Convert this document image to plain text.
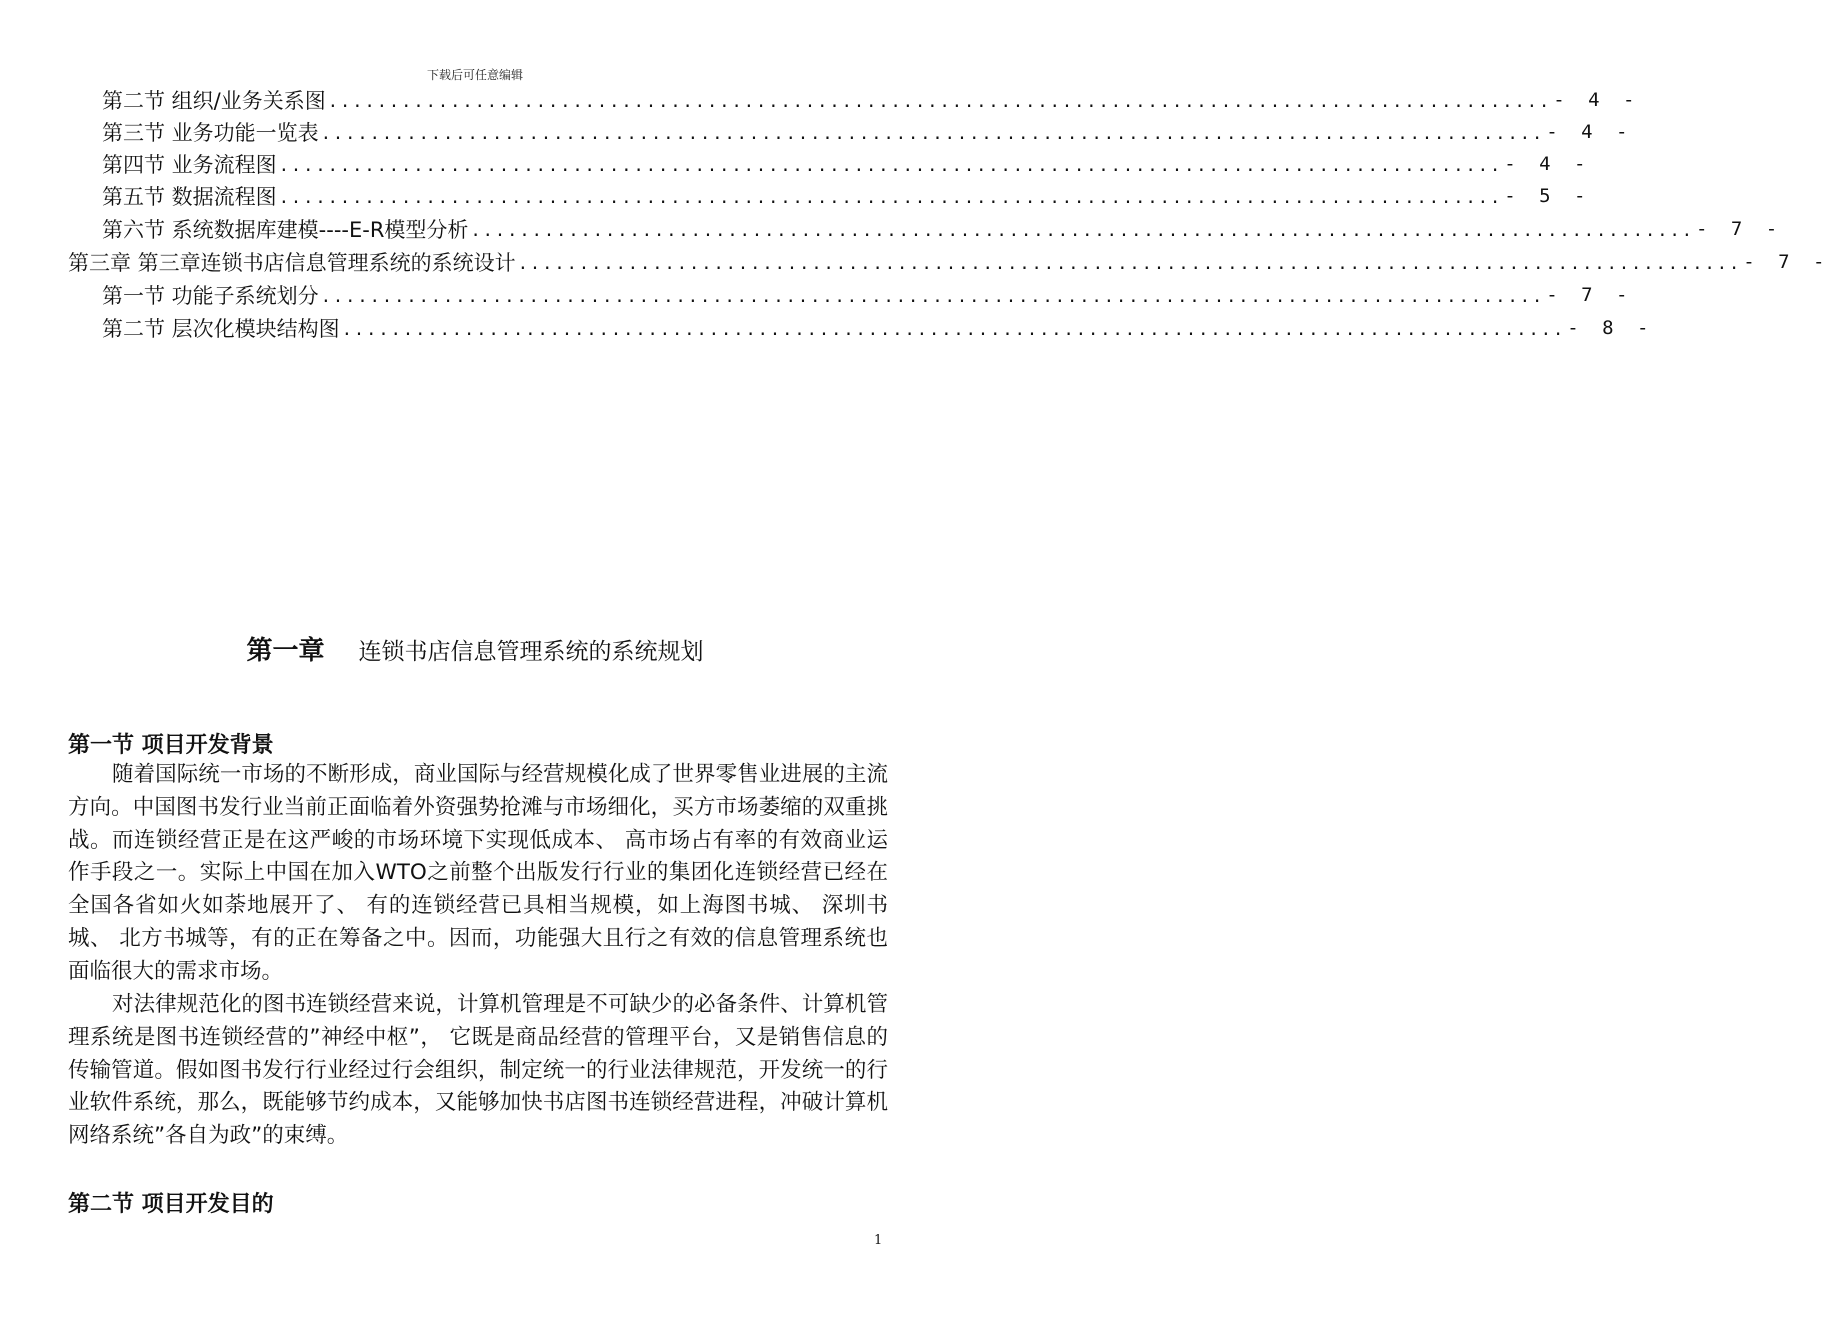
下载后可任意编辑
第二节 组织/业务关系图 .................................................................................................... - 4 -
第三节 业务功能一览表 .................................................................................................... - 4 -
第四节 业务流程图 .................................................................................................... - 4 -
第五节 数据流程图 .................................................................................................... - 5 -
第六节 系统数据库建模----E-R模型分析 .................................................................................................... - 7 -
第三章 第三章连锁书店信息管理系统的系统设计 .................................................................................................... - 7 -
第一节 功能子系统划分 .................................................................................................... - 7 -
第二节 层次化模块结构图 .................................................................................................... - 8 -
第一章 连锁书店信息管理系统的系统规划
第一节 项目开发背景

随着国际统一市场的不断形成，商业国际与经营规模化成了世界零售业进展的主流方向。中国图书发行业当前正面临着外资强势抢滩与市场细化，买方市场萎缩的双重挑战。而连锁经营正是在这严峻的市场环境下实现低成本、 高市场占有率的有效商业运作手段之一。实际上中国在加入WTO之前整个出版发行行业的集团化连锁经营已经在全国各省如火如荼地展开了、 有的连锁经营已具相当规模，如上海图书城、 深圳书城、 北方书城等，有的正在筹备之中。因而，功能强大且行之有效的信息管理系统也面临很大的需求市场。

对法律规范化的图书连锁经营来说，计算机管理是不可缺少的必备条件、计算机管理系统是图书连锁经营的”神经中枢”， 它既是商品经营的管理平台，又是销售信息的传输管道。假如图书发行行业经过行会组织，制定统一的行业法律规范，开发统一的行业软件系统，那么，既能够节约成本，又能够加快书店图书连锁经营进程，冲破计算机网络系统”各自为政”的束缚。

第二节 项目开发目的
1
